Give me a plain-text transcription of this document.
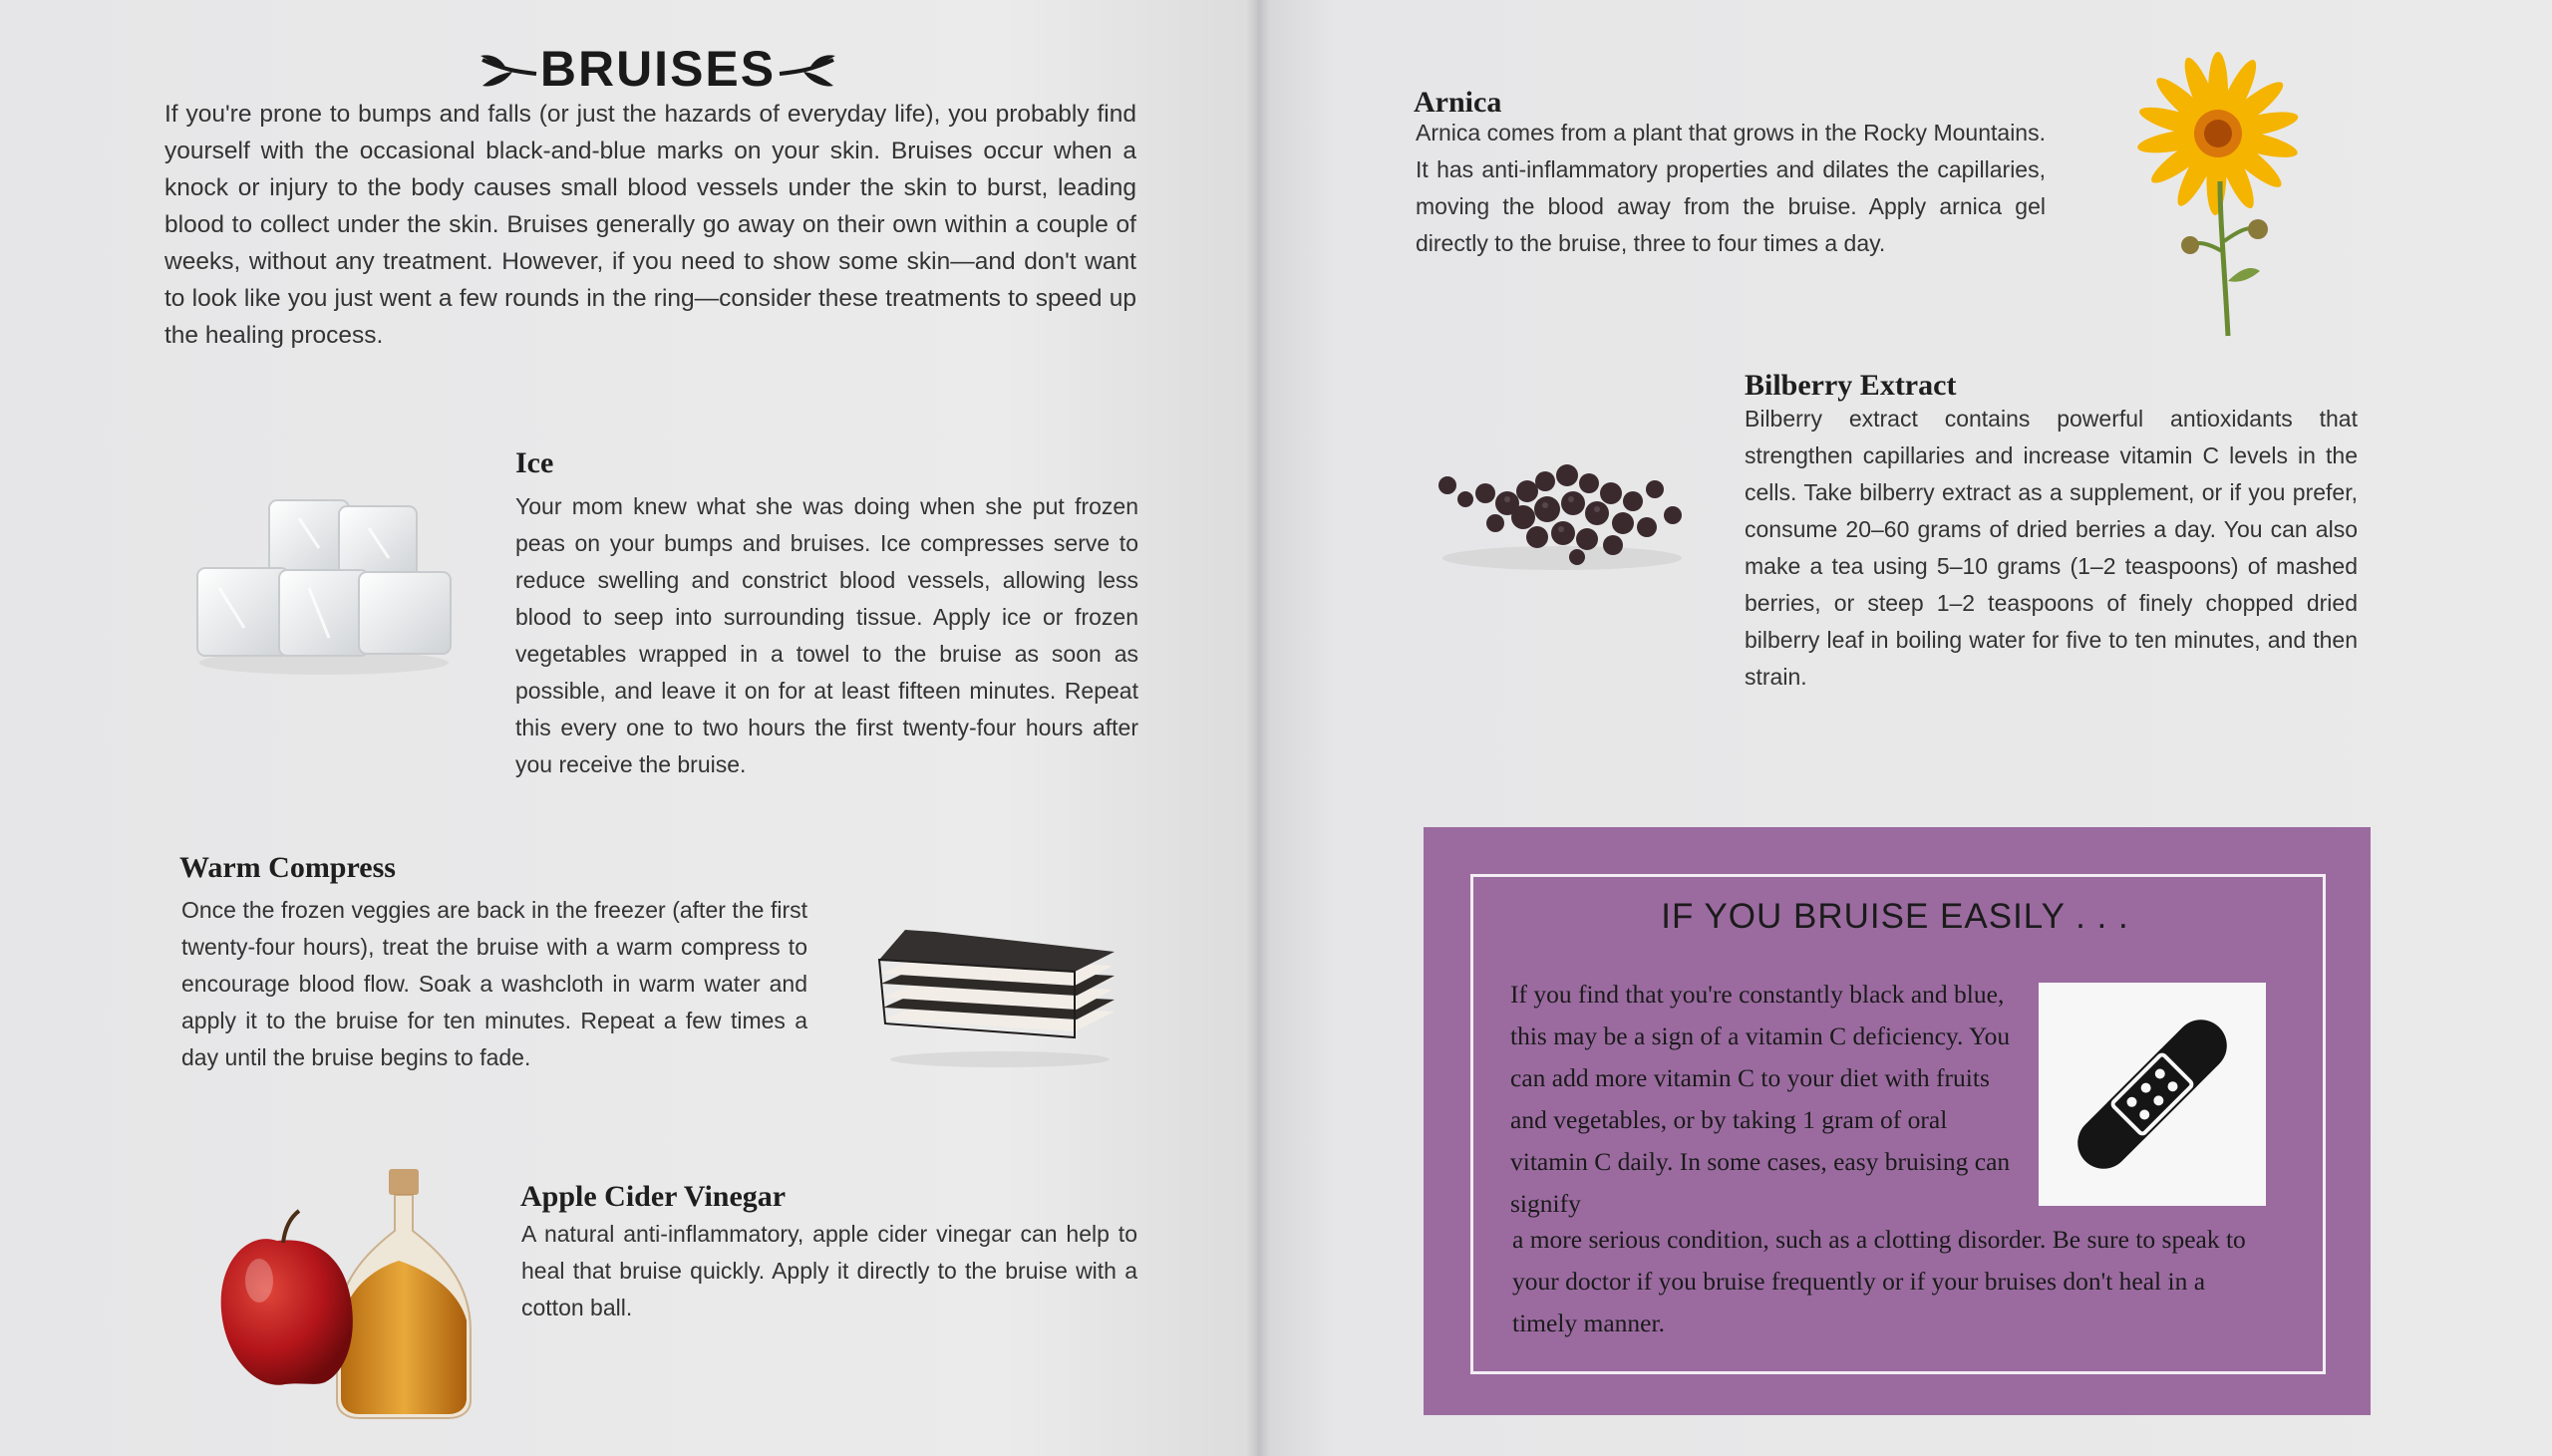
BRUISES
If you're prone to bumps and falls (or just the hazards of everyday life), you probably find yourself with the occasional black-and-blue marks on your skin. Bruises occur when a knock or injury to the body causes small blood vessels under the skin to burst, leading blood to collect under the skin. Bruises generally go away on their own within a couple of weeks, without any treatment. However, if you need to show some skin—and don't want to look like you just went a few rounds in the ring—consider these treatments to speed up the healing process.
Ice
Your mom knew what she was doing when she put frozen peas on your bumps and bruises. Ice compresses serve to reduce swelling and constrict blood vessels, allowing less blood to seep into surrounding tissue. Apply ice or frozen vegetables wrapped in a towel to the bruise as soon as possible, and leave it on for at least fifteen minutes. Repeat this every one to two hours the first twenty-four hours after you receive the bruise.
Warm Compress
Once the frozen veggies are back in the freezer (after the first twenty-four hours), treat the bruise with a warm compress to encourage blood flow. Soak a washcloth in warm water and apply it to the bruise for ten minutes. Repeat a few times a day until the bruise begins to fade.
Apple Cider Vinegar
A natural anti-inflammatory, apple cider vinegar can help to heal that bruise quickly. Apply it directly to the bruise with a cotton ball.
Arnica
Arnica comes from a plant that grows in the Rocky Mountains. It has anti-inflammatory properties and dilates the capillaries, moving the blood away from the bruise. Apply arnica gel directly to the bruise, three to four times a day.
Bilberry Extract
Bilberry extract contains powerful antioxidants that strengthen capillaries and increase vitamin C levels in the cells. Take bilberry extract as a supplement, or if you prefer, consume 20–60 grams of dried berries a day. You can also make a tea using 5–10 grams (1–2 teaspoons) of mashed berries, or steep 1–2 teaspoons of finely chopped dried bilberry leaf in boiling water for five to ten minutes, and then strain.
IF YOU BRUISE EASILY . . .
If you find that you're constantly black and blue, this may be a sign of a vitamin C deficiency. You can add more vitamin C to your diet with fruits and vegetables, or by taking 1 gram of oral vitamin C daily. In some cases, easy bruising can signify
a more serious condition, such as a clotting disorder. Be sure to speak to your doctor if you bruise frequently or if your bruises don't heal in a timely manner.
